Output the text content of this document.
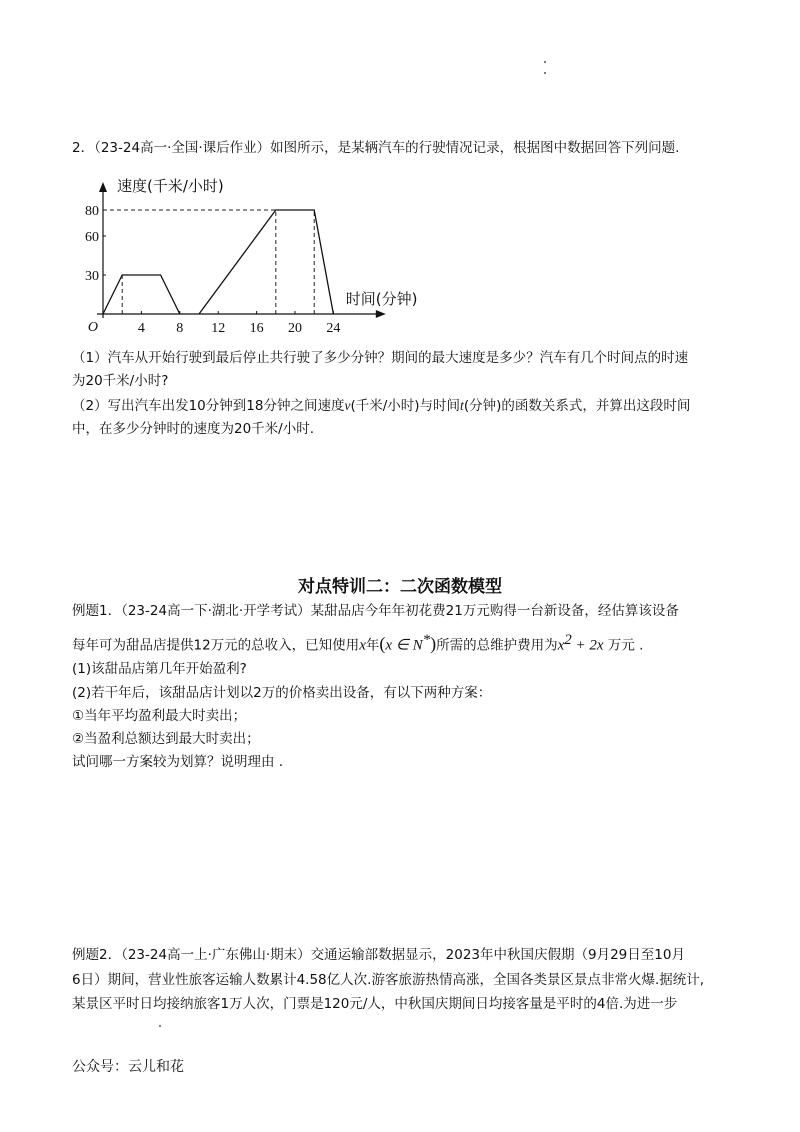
2．（23-24高一·全国·课后作业）如图所示，是某辆汽车的行驶情况记录，根据图中数据回答下列问题.
4 8 12 16 20 24
30
60
80
O
速度(千米/小时)
时间(分钟)
（1）汽车从开始行驶到最后停止共行驶了多少分钟？期间的最大速度是多少？汽车有几个时间点的时速
为20千米/小时?
（2）写出汽车出发10分钟到18分钟之间速度v(千米/小时)与时间t(分钟)的函数关系式，并算出这段时间
中，在多少分钟时的速度为20千米/小时.
对点特训二：二次函数模型
例题1．（23-24高一下·湖北·开学考试）某甜品店今年年初花费21万元购得一台新设备，经估算该设备
每年可为甜品店提供12万元的总收入，已知使用x年(x ∈ N*)所需的总维护费用为$x^2 + 2x$ 万元 .
(1)该甜品店第几年开始盈利?
(2)若干年后，该甜品店计划以2万的价格卖出设备，有以下两种方案：
①当年平均盈利最大时卖出；
②当盈利总额达到最大时卖出；
试问哪一方案较为划算？说明理由 .
例题2．（23-24高一上·广东佛山·期末）交通运输部数据显示，2023年中秋国庆假期（9月29日至10月
6日）期间，营业性旅客运输人数累计4.58亿人次.游客旅游热情高涨，全国各类景区景点非常火爆.据统计,
某景区平时日均接纳旅客1万人次，门票是120元/人，中秋国庆期间日均接客量是平时的4倍.为进一步
公众号：云儿和花
